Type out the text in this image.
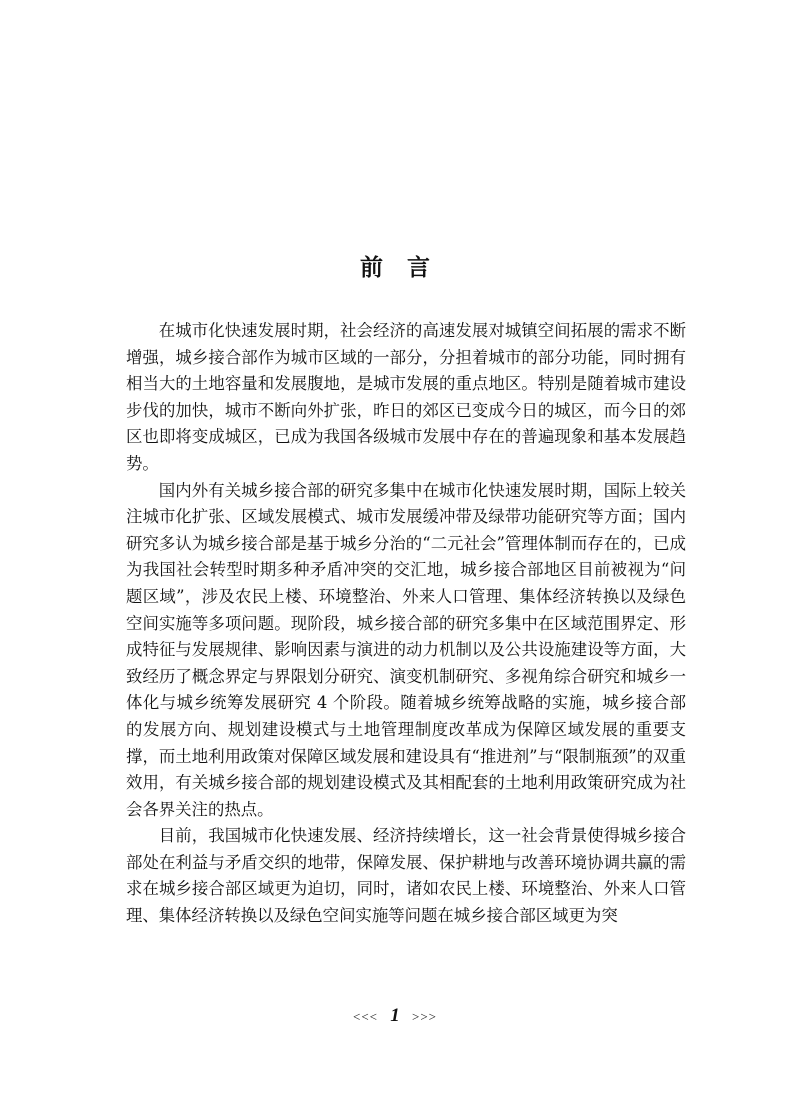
前言

在城市化快速发展时期，社会经济的高速发展对城镇空间拓展的需求不断增强，城乡接合部作为城市区域的一部分，分担着城市的部分功能，同时拥有相当大的土地容量和发展腹地，是城市发展的重点地区。特别是随着城市建设步伐的加快，城市不断向外扩张，昨日的郊区已变成今日的城区，而今日的郊区也即将变成城区，已成为我国各级城市发展中存在的普遍现象和基本发展趋势。

国内外有关城乡接合部的研究多集中在城市化快速发展时期，国际上较关注城市化扩张、区域发展模式、城市发展缓冲带及绿带功能研究等方面；国内研究多认为城乡接合部是基于城乡分治的“二元社会”管理体制而存在的，已成为我国社会转型时期多种矛盾冲突的交汇地，城乡接合部地区目前被视为“问题区域”，涉及农民上楼、环境整治、外来人口管理、集体经济转换以及绿色空间实施等多项问题。现阶段，城乡接合部的研究多集中在区域范围界定、形成特征与发展规律、影响因素与演进的动力机制以及公共设施建设等方面，大致经历了概念界定与界限划分研究、演变机制研究、多视角综合研究和城乡一体化与城乡统筹发展研究 4 个阶段。随着城乡统筹战略的实施，城乡接合部的发展方向、规划建设模式与土地管理制度改革成为保障区域发展的重要支撑，而土地利用政策对保障区域发展和建设具有“推进剂”与“限制瓶颈”的双重效用，有关城乡接合部的规划建设模式及其相配套的土地利用政策研究成为社会各界关注的热点。

目前，我国城市化快速发展、经济持续增长，这一社会背景使得城乡接合部处在利益与矛盾交织的地带，保障发展、保护耕地与改善环境协调共赢的需求在城乡接合部区域更为迫切，同时，诸如农民上楼、环境整治、外来人口管理、集体经济转换以及绿色空间实施等问题在城乡接合部区域更为突

<<< 1 >>>
